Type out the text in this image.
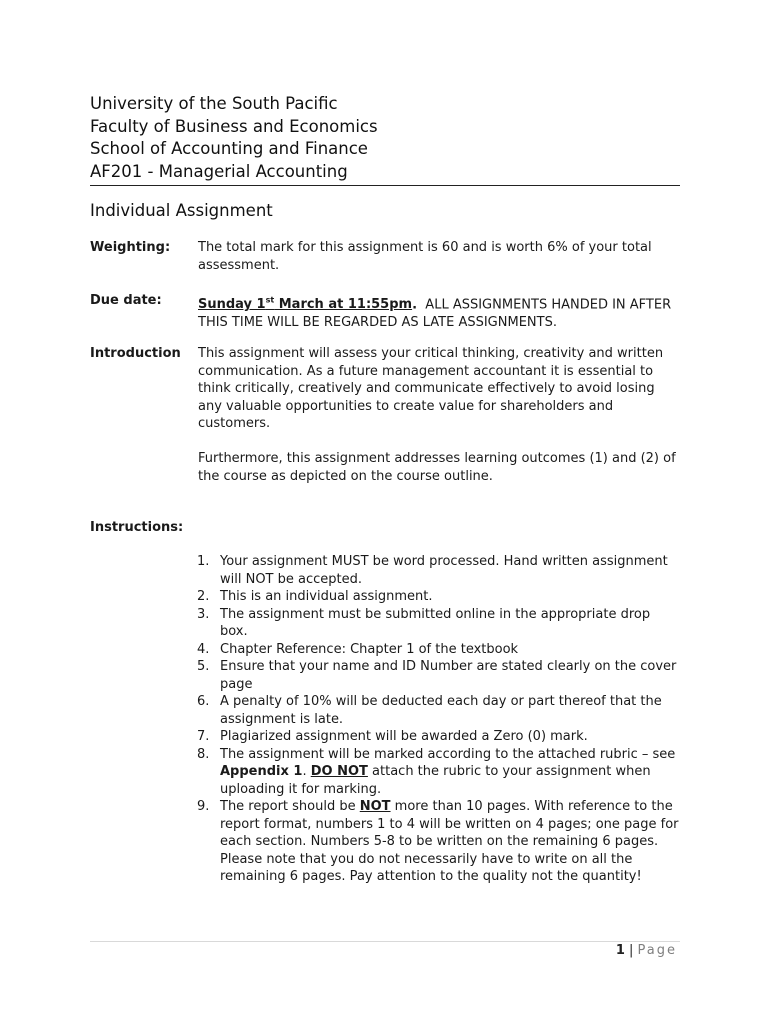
University of the South Pacific
Faculty of Business and Economics
School of Accounting and Finance
AF201 - Managerial Accounting
Individual Assignment
Weighting: The total mark for this assignment is 60 and is worth 6% of your total assessment.
Due date:	Sunday 1st March at 11:55pm.  ALL ASSIGNMENTS HANDED IN AFTER THIS TIME WILL BE REGARDED AS LATE ASSIGNMENTS.
Introduction This assignment will assess your critical thinking, creativity and written communication. As a future management accountant it is essential to think critically, creatively and communicate effectively to avoid losing any valuable opportunities to create value for shareholders and customers.
Furthermore, this assignment addresses learning outcomes (1) and (2) of the course as depicted on the course outline.
Instructions:
1. Your assignment MUST be word processed. Hand written assignment will NOT be accepted.
2. This is an individual assignment.
3. The assignment must be submitted online in the appropriate drop box.
4. Chapter Reference: Chapter 1 of the textbook
5. Ensure that your name and ID Number are stated clearly on the cover page
6. A penalty of 10% will be deducted each day or part thereof that the assignment is late.
7. Plagiarized assignment will be awarded a Zero (0) mark.
8. The assignment will be marked according to the attached rubric – see Appendix 1. DO NOT attach the rubric to your assignment when uploading it for marking.
9. The report should be NOT more than 10 pages. With reference to the report format, numbers 1 to 4 will be written on 4 pages; one page for each section. Numbers 5-8 to be written on the remaining 6 pages. Please note that you do not necessarily have to write on all the remaining 6 pages. Pay attention to the quality not the quantity!
1 | Page
